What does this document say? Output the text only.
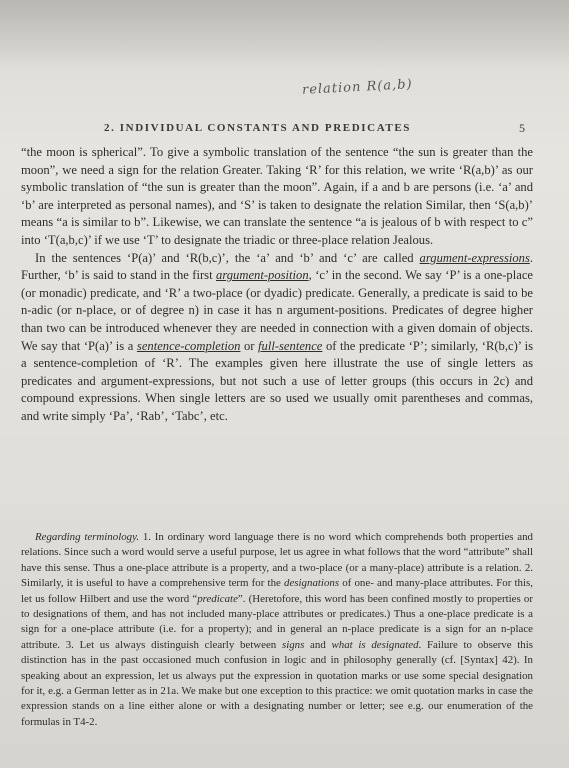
relation R(a,b)
2. INDIVIDUAL CONSTANTS AND PREDICATES	5

“the moon is spherical”. To give a symbolic translation of the sentence “the sun is greater than the moon”, we need a sign for the relation Greater. Taking ‘R’ for this relation, we write ‘R(a,b)’ as our symbolic translation of “the sun is greater than the moon”. Again, if a and b are persons (i.e. ‘a’ and ‘b’ are interpreted as personal names), and ‘S’ is taken to designate the relation Similar, then ‘S(a,b)’ means “a is similar to b”. Likewise, we can translate the sentence “a is jealous of b with respect to c” into ‘T(a,b,c)’ if we use ‘T’ to designate the triadic or three-place relation Jealous.

In the sentences ‘P(a)’ and ‘R(b,c)’, the ‘a’ and ‘b’ and ‘c’ are called argument-expressions. Further, ‘b’ is said to stand in the first argument-position, ‘c’ in the second. We say ‘P’ is a one-place (or monadic) predicate, and ‘R’ a two-place (or dyadic) predicate. Generally, a predicate is said to be n-adic (or n-place, or of degree n) in case it has n argument-positions. Predicates of degree higher than two can be introduced whenever they are needed in connection with a given domain of objects. We say that ‘P(a)’ is a sentence-completion or full-sentence of the predicate ‘P’; similarly, ‘R(b,c)’ is a sentence-completion of ‘R’. The examples given here illustrate the use of single letters as predicates and argument-expressions, but not such a use of letter groups (this occurs in 2c) and compound expressions. When single letters are so used we usually omit parentheses and commas, and write simply ‘Pa’, ‘Rab’, ‘Tabc’, etc.

Regarding terminology. 1. In ordinary word language there is no word which comprehends both properties and relations. Since such a word would serve a useful purpose, let us agree in what follows that the word “attribute” shall have this sense. Thus a one-place attribute is a property, and a two-place (or a many-place) attribute is a relation. 2. Similarly, it is useful to have a comprehensive term for the designations of one- and many-place attributes. For this, let us follow Hilbert and use the word “predicate”. (Heretofore, this word has been confined mostly to properties or to designations of them, and has not included many-place attributes or predicates.) Thus a one-place predicate is a sign for a one-place attribute (i.e. for a property); and in general an n-place predicate is a sign for an n-place attribute. 3. Let us always distinguish clearly between signs and what is designated. Failure to observe this distinction has in the past occasioned much confusion in logic and in philosophy generally (cf. [Syntax] 42). In speaking about an expression, let us always put the expression in quotation marks or use some special designation for it, e.g. a German letter as in 21a. We make but one exception to this practice: we omit quotation marks in case the expression stands on a line either alone or with a designating number or letter; see e.g. our enumeration of the formulas in T4-2.
